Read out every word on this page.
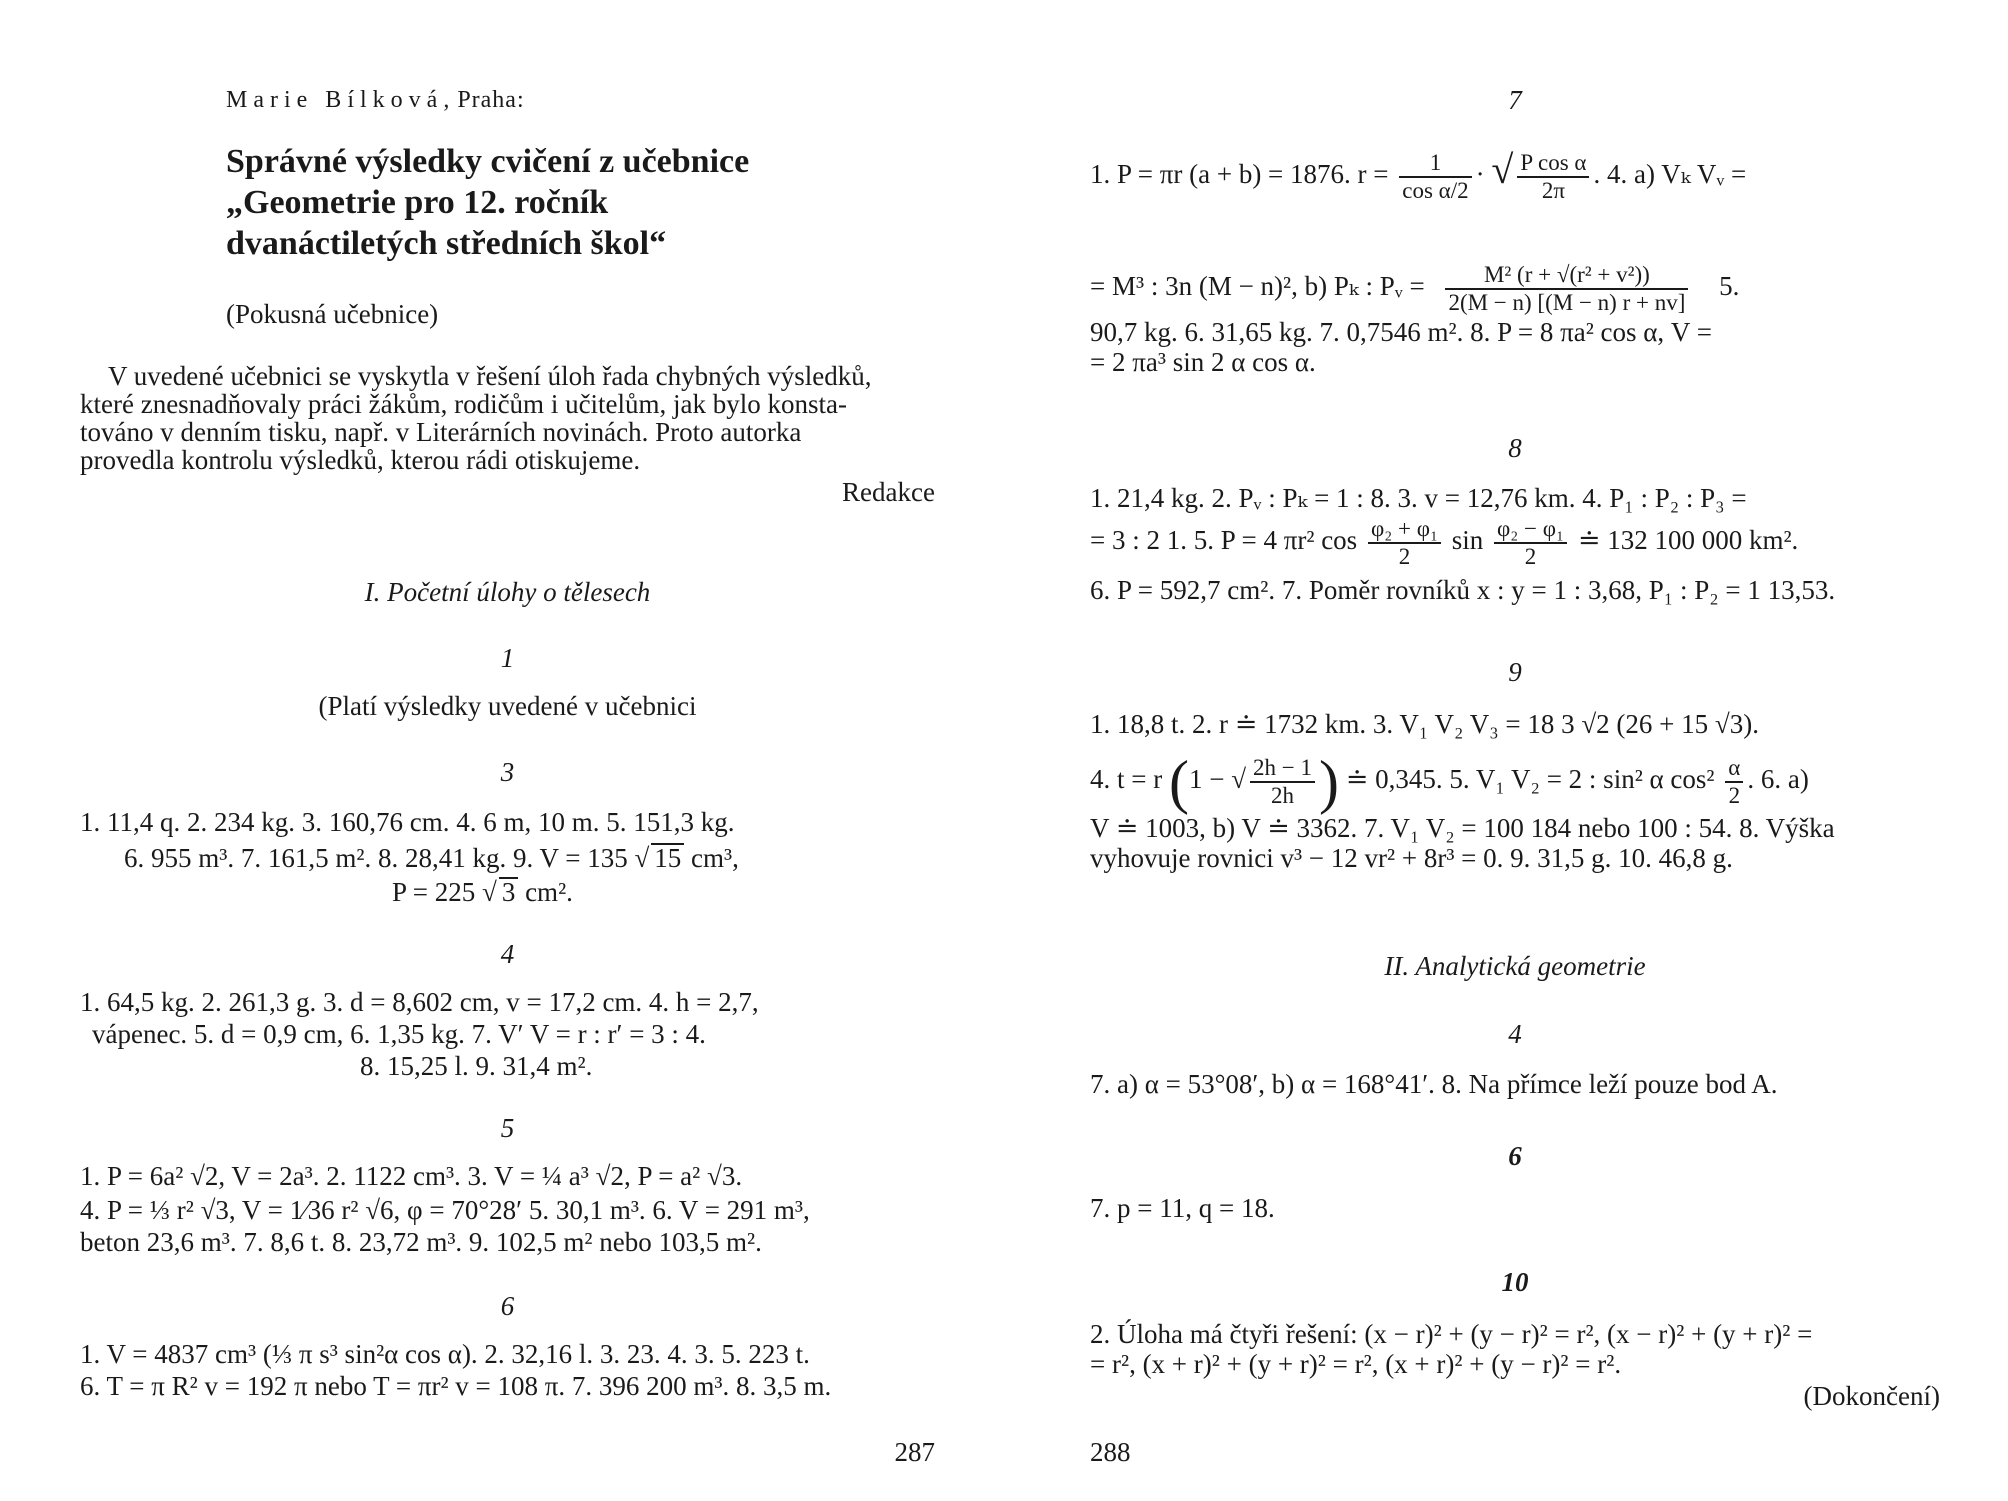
Marie Bílková, Praha:
Správné výsledky cvičení z učebnice
„Geometrie pro 12. ročník
dvanáctiletých středních škol“
(Pokusná učebnice)
V uvedené učebnici se vyskytla v řešení úloh řada chybných výsledků,
které znesnadňovaly práci žákům, rodičům i učitelům, jak bylo konsta-
továno v denním tisku, např. v Literárních novinách. Proto autorka
provedla kontrolu výsledků, kterou rádi otiskujeme.
Redakce
I. Početní úlohy o tělesech
1
(Platí výsledky uvedené v učebnici
3
1. 11,4 q. 2. 234 kg. 3. 160,76 cm. 4. 6 m, 10 m. 5. 151,3 kg.
6. 955 m³. 7. 161,5 m². 8. 28,41 kg. 9. V = 135 √ 15 cm³,
P = 225 √ 3 cm².
4
1. 64,5 kg. 2. 261,3 g. 3. d = 8,602 cm, v = 17,2 cm. 4. h = 2,7,
vápenec. 5. d = 0,9 cm, 6. 1,35 kg. 7. V′ V = r : r′ = 3 : 4.
8. 15,25 l. 9. 31,4 m².
5
1. P = 6a² √2, V = 2a³. 2. 1122 cm³. 3. V = ¼ a³ √2, P = a² √3.
4. P = ⅓ r² √3, V = 1⁄36 r² √6, φ = 70°28′ 5. 30,1 m³. 6. V = 291 m³,
beton 23,6 m³. 7. 8,6 t. 8. 23,72 m³. 9. 102,5 m² nebo 103,5 m².
6
1. V = 4837 cm³ (⅓ π s³ sin²α cos α). 2. 32,16 l. 3. 23. 4. 3. 5. 223 t.
6. T = π R² v = 192 π nebo T = πr² v = 108 π. 7. 396 200 m³. 8. 3,5 m.
287
7
1. P = πr (a + b) = 1876. $r = \frac{1}{\text{cos α/2}}$ · √ $\frac{\text{P cos α}}{2\pi}$ . 4. a) Vₖ Vᵥ =
= M³ : 3n (M − n)², b) Pₖ : Pᵥ = $\frac{\text{M² (r + √(r² + v²))}}{2(M - n) [(M - n) r + nv]} 5$.
90,7 kg. 6. 31,65 kg. 7. 0,7546 m². 8. P = 8 πa² cos α, V =
= 2 πa³ sin 2 α cos α.
8
1. 21,4 kg. 2. Pᵥ : Pₖ = 1 : 8. 3. v = 12,76 km. 4. P₁ : P₂ : P₃ =
= 3 : 2 1. 5. P = 4 πr² $\cos \frac{\text{φ₂ + φ₁}}{2}$ $\sin \frac{\text{φ₂ − φ₁}}{2}$ ≐ 132 100 000 km².
6. P = 592,7 cm². 7. Poměr rovníků x : y = 1 : 3,68, P₁ : P₂ = 1 13,53.
9
1. 18,8 t. 2. r ≐ 1732 km. 3. V₁ V₂ V₃ = 18 3 √2 (26 + 15 √3).
4. t = r (1 − √ $\frac{2h - 1}{2h}$ ) ≐ 0,345. 5. V₁ V₂ = 2 : sin² α $\cos^2 \frac{\alpha}{2}$ . 6. a)
V ≐ 1003, b) V ≐ 3362. 7. V₁ V₂ = 100 184 nebo 100 : 54. 8. Výška
vyhovuje rovnici v³ − 12 vr² + 8r³ = 0. 9. 31,5 g. 10. 46,8 g.
II. Analytická geometrie
4
7. a) α = 53°08′, b) α = 168°41′. 8. Na přímce leží pouze bod A.
6
7. p = 11, q = 18.
10
2. Úloha má čtyři řešení: (x − r)² + (y − r)² = r², (x − r)² + (y + r)² =
= r², (x + r)² + (y + r)² = r², (x + r)² + (y − r)² = r².
(Dokončení)
288
